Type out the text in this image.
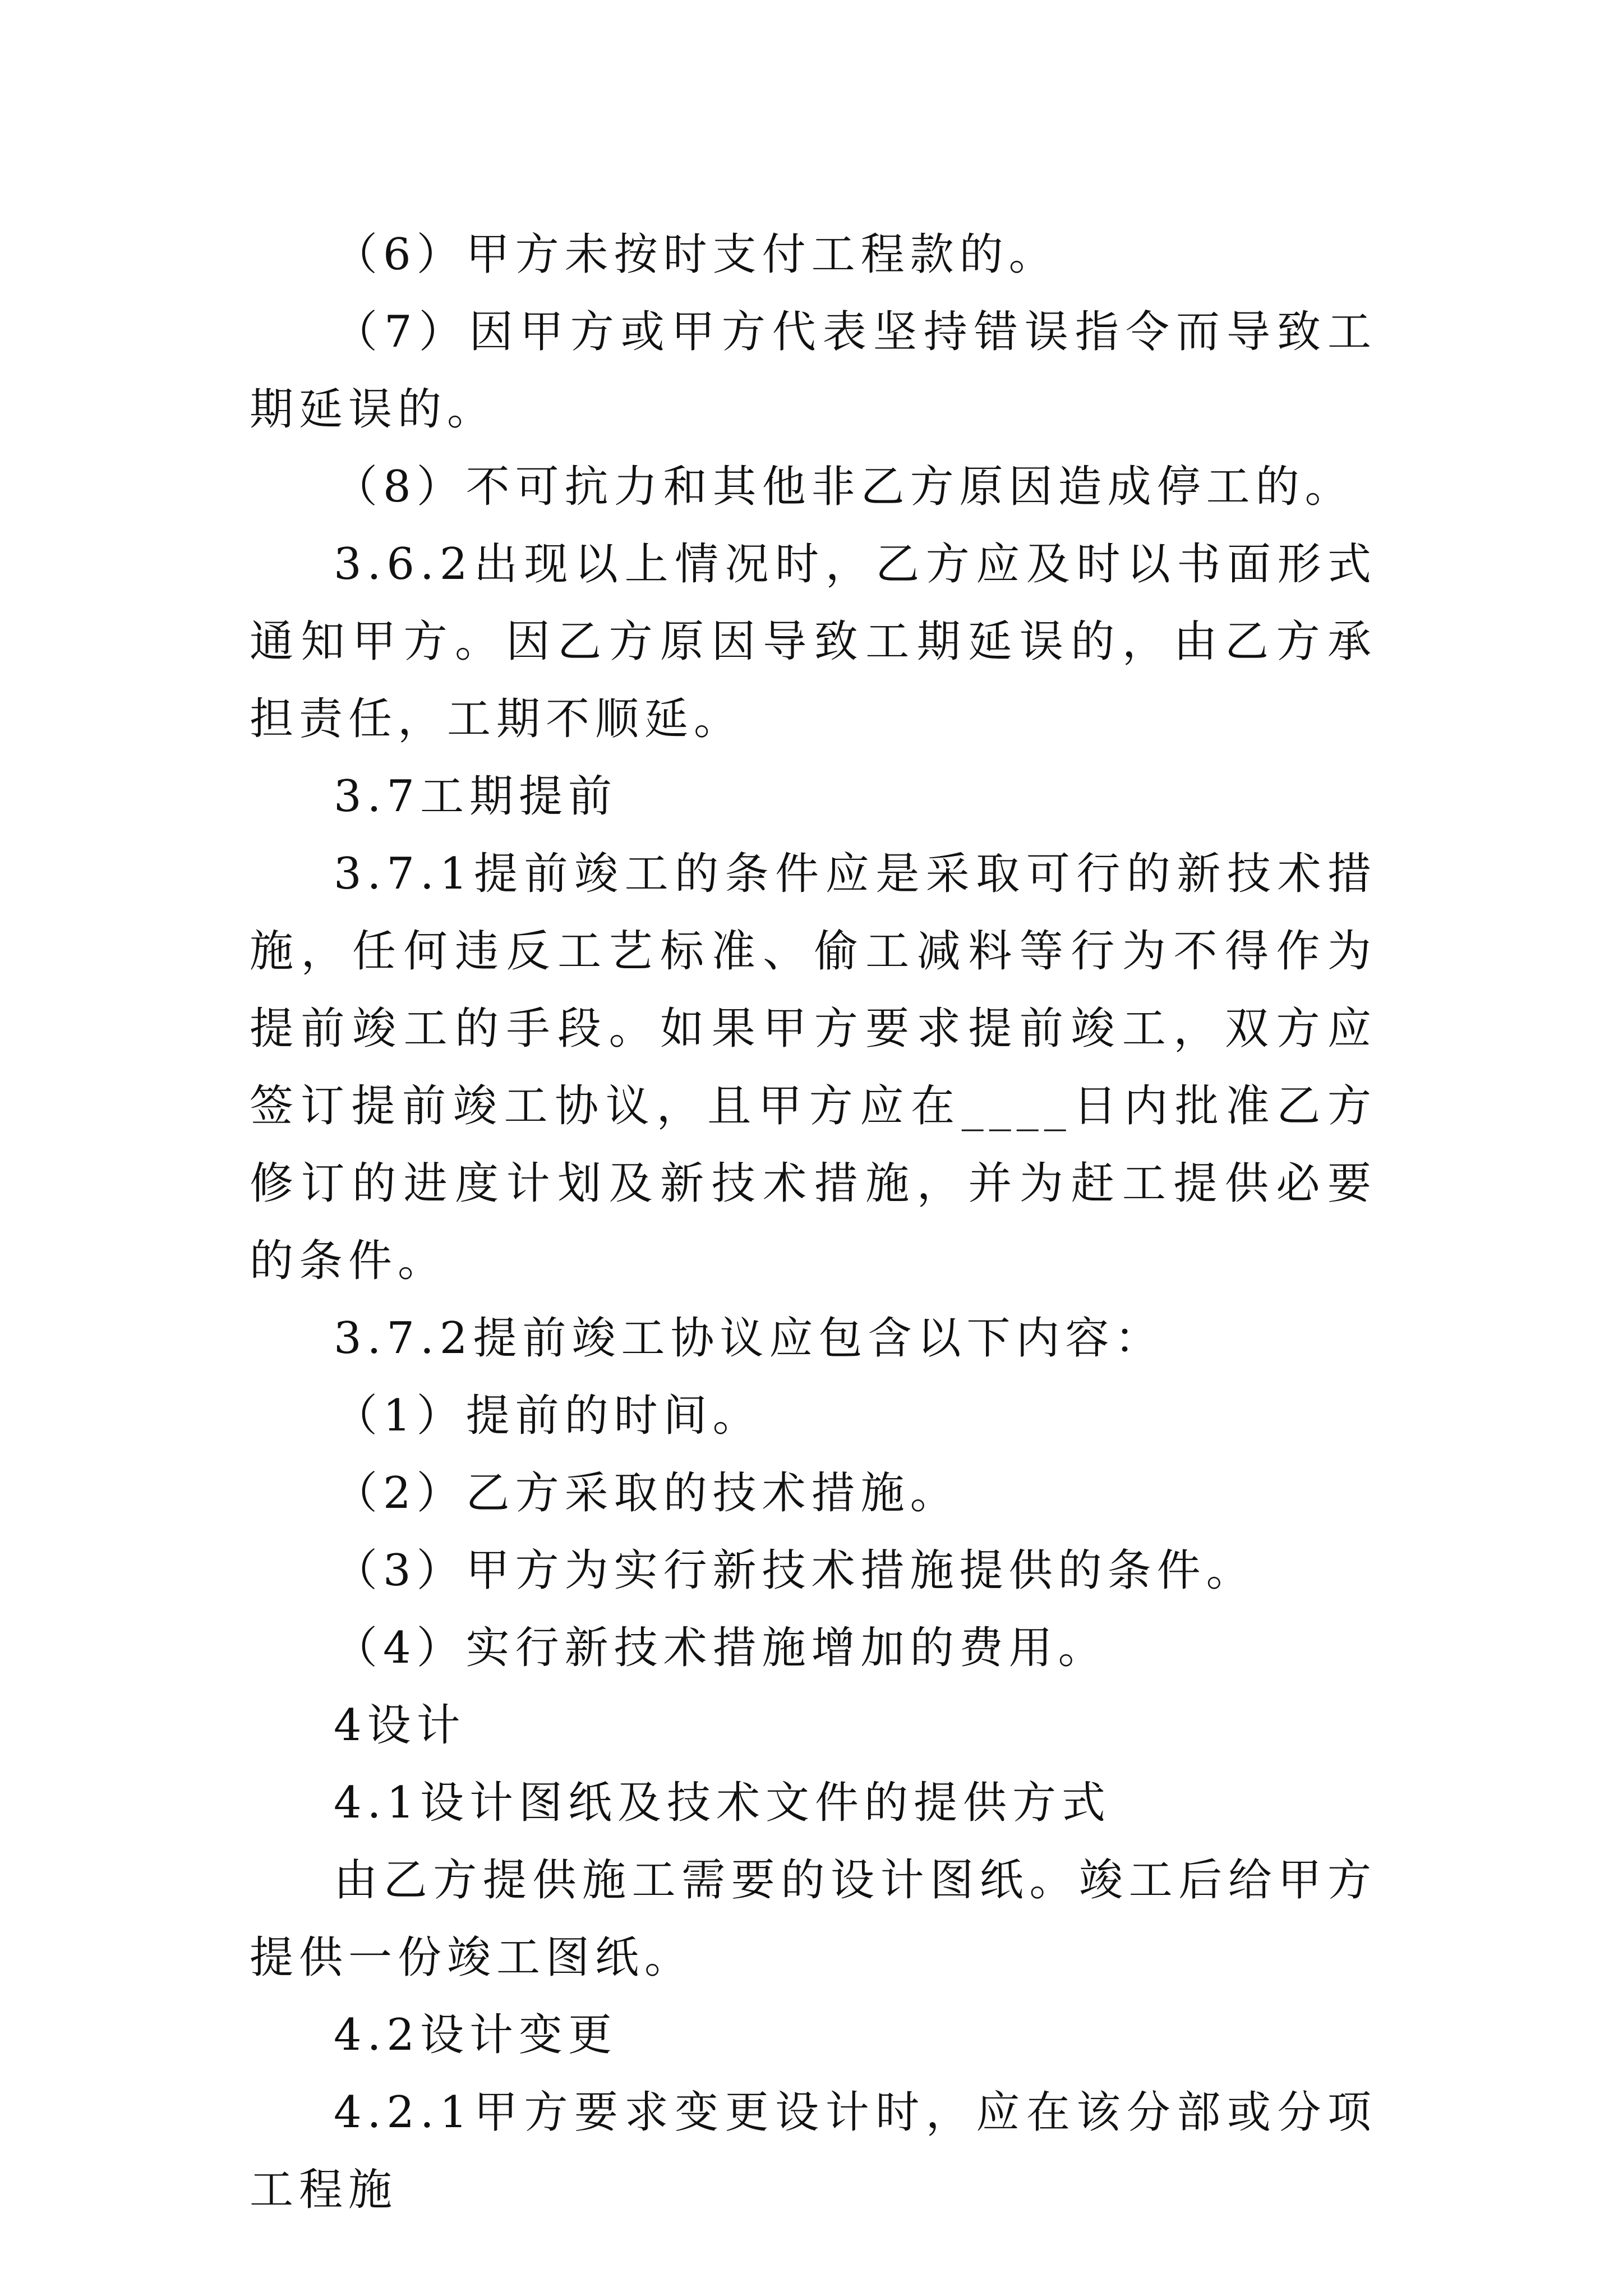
（6）甲方未按时支付工程款的。

（7）因甲方或甲方代表坚持错误指令而导致工期延误的。

（8）不可抗力和其他非乙方原因造成停工的。

3.6.2出现以上情况时，乙方应及时以书面形式通知甲方。因乙方原因导致工期延误的，由乙方承担责任，工期不顺延。

3.7工期提前

3.7.1提前竣工的条件应是采取可行的新技术措施，任何违反工艺标准、偷工减料等行为不得作为提前竣工的手段。如果甲方要求提前竣工，双方应签订提前竣工协议，且甲方应在____日内批准乙方修订的进度计划及新技术措施，并为赶工提供必要的条件。

3.7.2提前竣工协议应包含以下内容：

（1）提前的时间。

（2）乙方采取的技术措施。

（3）甲方为实行新技术措施提供的条件。

（4）实行新技术措施增加的费用。

4设计

4.1设计图纸及技术文件的提供方式

由乙方提供施工需要的设计图纸。竣工后给甲方提供一份竣工图纸。

4.2设计变更

4.2.1甲方要求变更设计时，应在该分部或分项工程施
